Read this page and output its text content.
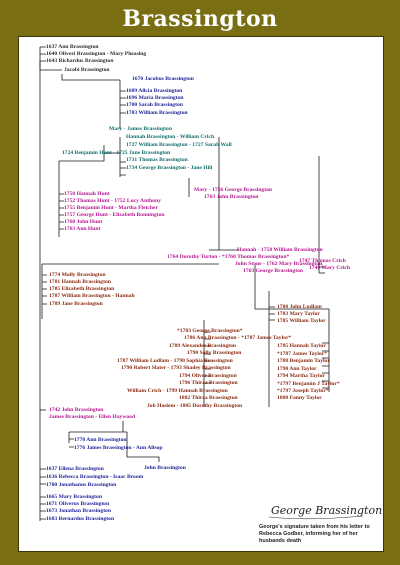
Brassington
1637 Ann Brassington
1640 Oliveri Brassington - Mary Pheasing
1643 Richardus Brassington
Jacobi Brassington
1670 Jacobus Brassington
1689 Allcia Brassington
1696 Maria Brassington
1700 Sarah Brassington
1703 William Brassington
Mary - James Brassington
Hannah Brassington - William Crich
1727 William Brassington - 1727 Sarah Wall
1724 Benjamin Hunt - 1725 Jane Brassington
1731 Thomas Brassington
1734 George Brassington - Jane Hill
1750 Hannah Hunt
1752 Thomas Hunt - 1752 Lucy Anthony
1755 Benjamin Hunt - Martha Fletcher
1757 George Hunt - Elizabeth Bonnington
1760 John Hunt
1763 Ann Hunt
Mary - 1756 George Brassington
1763 John Brassington
Hannah - 1758 William Brassington
1764 Dorothy Turton - *1760 Thomas Brassington*
John Stone - 1762 Mary Brassington
1763 George Brassington
1747 Thomas Crich
1748 Mary Crich
1774 Molly Brassington
1781 Hannah Brassington
1785 Elizabeth Brassington
1787 William Brassington - Hannah
1789 Jane Brassington	1780 John Ludlam
1783 Mary Taylor
1785 William Taylor
*1783 George Brassington*
1786 Ann Brassington - *1787 James Taylor*
1789 Alexander Brassington
1790 Sally Brassington
1787 William Ludlam - 1790 Sophia Brassington
1790 Robert Slater - 1793 Shadey Brassington
1794 Oliver Brassington
1796 Thirza Brassington
William Crich - 1799 Hannah Brassington
1802 Thirza Brassington
Job Haslem - 1805 Dorothy Brassington
1785 Hannah Taylor
*1787 James Taylor*
1788 Benjamin Taylor
1790 Ann Taylor
1794 Martha Taylor
*1797 Benjamin J Taylor*
*1797 Joseph Taylor*
1800 Fanny Taylor
1742 John Brassington
James Brassington - Ellen Haywood
1770 Ann Brassington
1776 James Brassington - Ann Allsop
John Brassington
1637 Ellena Brassington
1636 Rebecca Brassington - Isaac Broom
1700 Jonathanus Brassington
1665 Mary Brassington
1671 Oliverus Brassington
1673 Jonathan Brassington
1683 Bernardus Brassington
George Brassington
George's signature taken from his letter to Rebecca Godber, informing her of her husbands death
